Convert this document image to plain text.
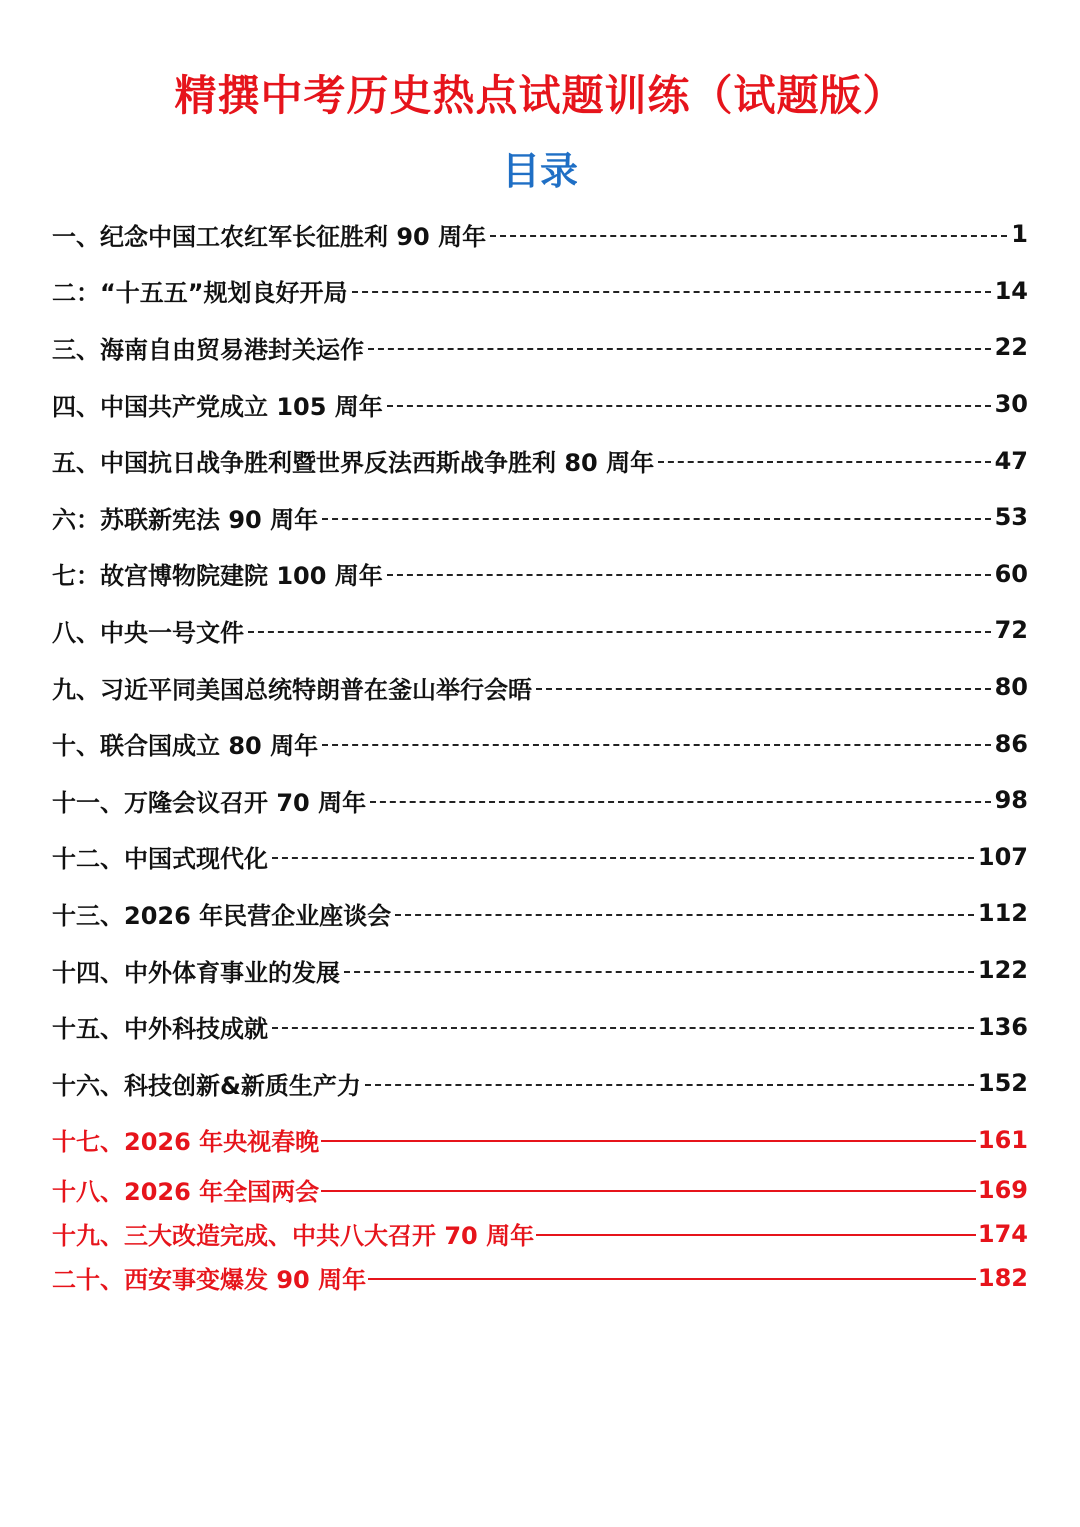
精撰中考历史热点试题训练（试题版）
目录
一、纪念中国工农红军长征胜利 90 周年	1
二：“十五五”规划良好开局	14
三、海南自由贸易港封关运作	22
四、中国共产党成立 105 周年	30
五、中国抗日战争胜利暨世界反法西斯战争胜利 80 周年	47
六：苏联新宪法 90 周年	53
七：故宫博物院建院 100 周年	60
八、中央一号文件	72
九、习近平同美国总统特朗普在釜山举行会晤	80
十、联合国成立 80 周年	86
十一、万隆会议召开 70 周年	98
十二、中国式现代化	107
十三、2026 年民营企业座谈会	112
十四、中外体育事业的发展	122
十五、中外科技成就	136
十六、科技创新&新质生产力	152
十七、2026 年央视春晚	161
十八、2026 年全国两会	169
十九、三大改造完成、中共八大召开 70 周年	174
二十、西安事变爆发 90 周年	182
